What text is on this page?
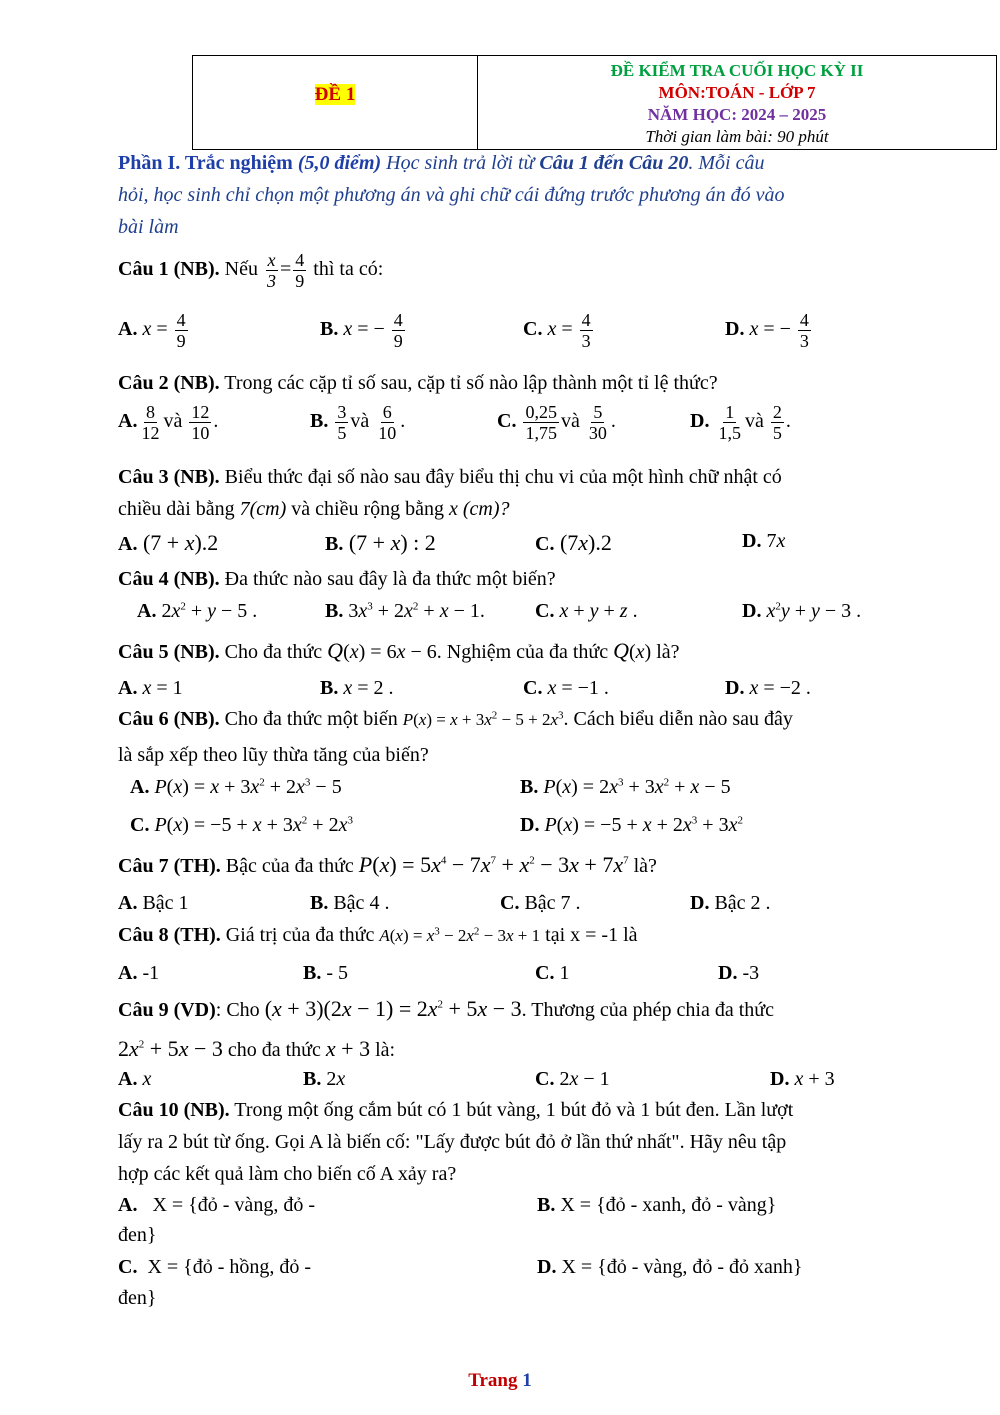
ĐỀ 1
ĐỀ KIỂM TRA CUỐI HỌC KỲ II
MÔN:TOÁN - LỚP 7
NĂM HỌC: 2024 – 2025
Thời gian làm bài: 90 phút
Phần I. Trắc nghiệm (5,0 điểm) Học sinh trả lời từ Câu 1 đến Câu 20. Mỗi câu
hỏi, học sinh chỉ chọn một phương án và ghi chữ cái đứng trước phương án đó vào
bài làm
Câu 1 (NB). Nếu $\frac{x}{3} = \frac{4}{9}$ thì ta có:
A. $x = \frac{4}{9}$	B. x = − $\frac{4}{9}$	C. $x = \frac{4}{3}$	D. x = − $\frac{4}{3}$
Câu 2 (NB). Trong các cặp tỉ số sau, cặp tỉ số nào lập thành một tỉ lệ thức?
A. $\frac{8}{12}$ và $\frac{12}{10}$ .	B. $\frac{3}{5}$ và $\frac{6}{10}$ .	C. $\frac{0,25}{1,75}$ và $\frac{5}{30}$ .	D. $\frac{1}{1,5}$ và $\frac{2}{5}$ .
Câu 3 (NB). Biểu thức đại số nào sau đây biểu thị chu vi của một hình chữ nhật có
chiều dài bằng 7(cm) và chiều rộng bằng x (cm)?
A. (7 + x).2	B. (7 + x) : 2	C. (7x).2	D. 7x
Câu 4 (NB). Đa thức nào sau đây là đa thức một biến?
A. $2x^2 + y - 5$ .	B. $3x^3 + 2x^2 + x - 1$.	C. x + y + z .	D. $x^2y + y - 3$ .
Câu 5 (NB). Cho đa thức Q(x) = 6x − 6. Nghiệm của đa thức Q(x) là?
A. x = 1	B. x = 2 .	C. x = −1 .	D. x = −2 .
Câu 6 (NB). Cho đa thức một biến $P(x) = x + 3x^2 - 5 + 2x^3$. Cách biểu diễn nào sau đây
là sắp xếp theo lũy thừa tăng của biến?
A. $P(x) = x + 3x^2 + 2x^3 - 5$	B. $P(x) = 2x^3 + 3x^2 + x - 5$
C. $P(x) = -5 + x + 3x^2 + 2x^3$	D. $P(x) = -5 + x + 2x^3 + 3x^2$
Câu 7 (TH). Bậc của đa thức $P(x) = 5x^4 - 7x^7 + x^2 - 3x + 7x^7$ là?
A. Bậc 1	B. Bậc 4 .	C. Bậc 7 .	D. Bậc 2 .
Câu 8 (TH). Giá trị của đa thức $A(x) = x^3 - 2x^2 - 3x + 1$ tại x = -1 là
A. -1	B. - 5	C. 1	D. -3
Câu 9 (VD): Cho $(x + 3)(2x - 1) = 2x^2 + 5x - 3$. Thương của phép chia đa thức
$2x^2 + 5x - 3$ cho đa thức x + 3 là:
A. x	B. 2x	C. 2x − 1	D. x + 3
Câu 10 (NB). Trong một ống cắm bút có 1 bút vàng, 1 bút đỏ và 1 bút đen. Lần lượt
lấy ra 2 bút từ ống. Gọi A là biến cố: "Lấy được bút đỏ ở lần thứ nhất". Hãy nêu tập
hợp các kết quả làm cho biến cố A xảy ra?
A. X = {đỏ - vàng, đỏ -
đen}
B. X = {đỏ - xanh, đỏ - vàng}
C. X = {đỏ - hồng, đỏ -
đen}
D. X = {đỏ - vàng, đỏ - đỏ xanh}
Trang 1
